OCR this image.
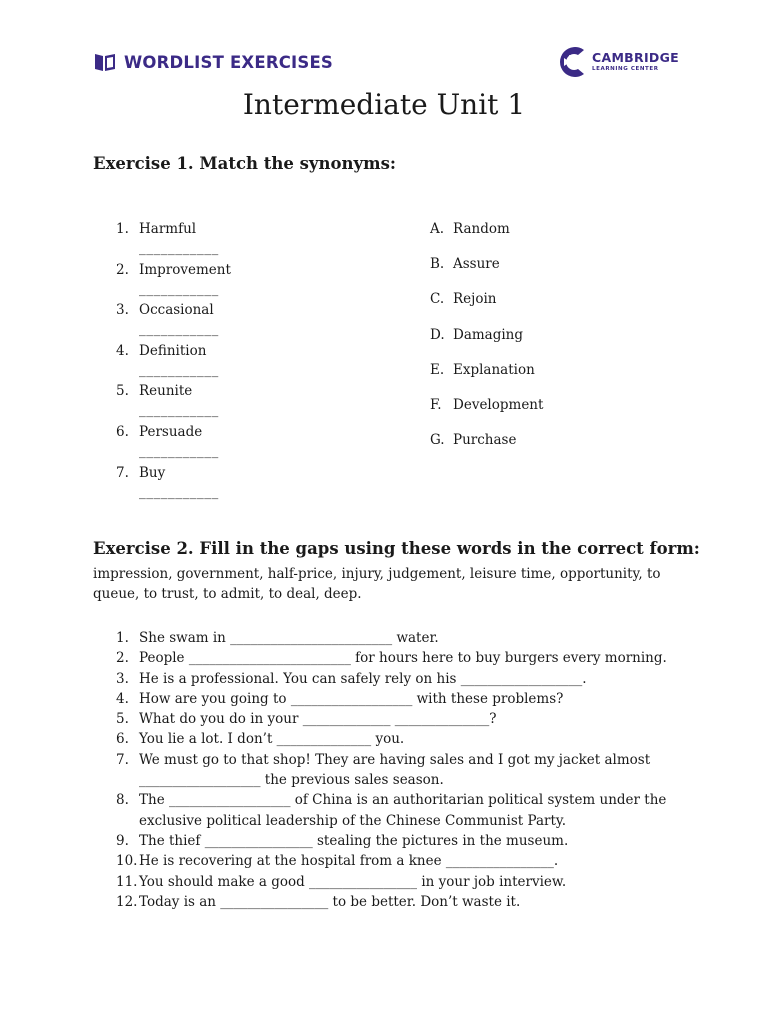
WORDLIST EXERCISES	CAMBRIDGE
LEARNING CENTER
Intermediate Unit 1
Exercise 1. Match the synonyms:
1. Harmful
___________
2. Improvement
___________
3. Occasional
___________
4. Definition
___________
5. Reunite
___________
6. Persuade
___________
7. Buy
___________
A. Random
B. Assure
C. Rejoin
D. Damaging
E. Explanation
F. Development
G. Purchase
Exercise 2. Fill in the gaps using these words in the correct form:

impression, government, half-price, injury, judgement, leisure time, opportunity, to queue, to trust, to admit, to deal, deep.

1. She swam in ________________________ water.
2. People ________________________ for hours here to buy burgers every morning.
3. He is a professional. You can safely rely on his __________________.
4. How are you going to __________________ with these problems?
5. What do you do in your _____________ ______________?
6. You lie a lot. I don’t ______________ you.
7. We must go to that shop! They are having sales and I got my jacket almost __________________ the previous sales season.
8. The __________________ of China is an authoritarian political system under the exclusive political leadership of the Chinese Communist Party.
9. The thief ________________ stealing the pictures in the museum.
10. He is recovering at the hospital from a knee ________________.
11. You should make a good ________________ in your job interview.
12. Today is an ________________ to be better. Don’t waste it.
